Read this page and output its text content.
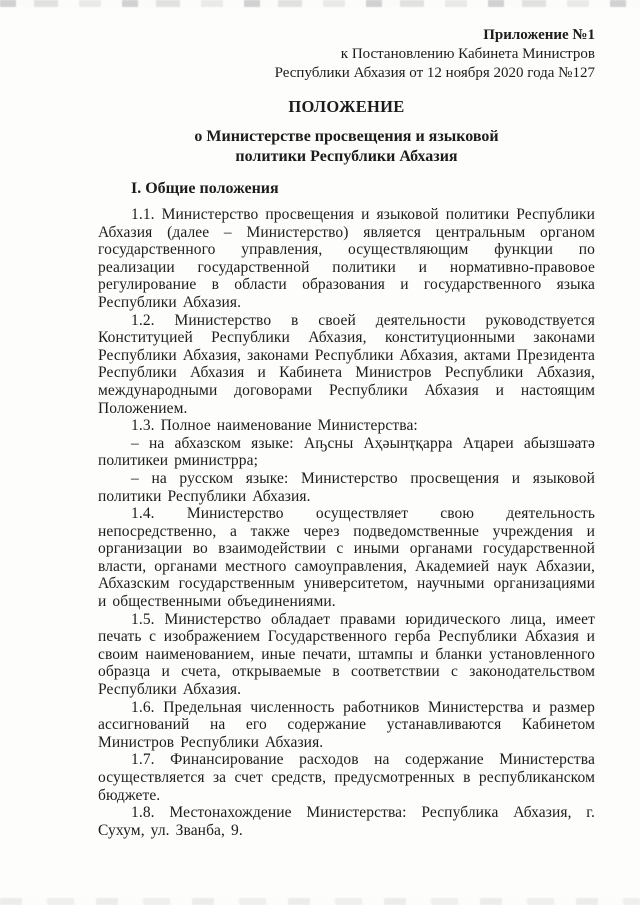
Приложение №1
к Постановлению Кабинета Министров
Республики Абхазия от 12 ноября 2020 года №127
ПОЛОЖЕНИЕ
о Министерстве просвещения и языковой
политики Республики Абхазия
I. Общие положения

1.1. Министерство просвещения и языковой политики Республики Абхазия (далее – Министерство) является центральным органом государственного управления, осуществляющим функции по реализации государственной политики и нормативно-правовое регулирование в области образования и государственного языка Республики Абхазия.

1.2. Министерство в своей деятельности руководствуется Конституцией Республики Абхазия, конституционными законами Республики Абхазия, законами Республики Абхазия, актами Президента Республики Абхазия и Кабинета Министров Республики Абхазия, международными договорами Республики Абхазия и настоящим Положением.

1.3. Полное наименование Министерства:

– на абхазском языке: Аҧсны Аҳәынҭқарра Аҵареи абызшәатә политикеи рминистрра;

– на русском языке: Министерство просвещения и языковой политики Республики Абхазия.

1.4. Министерство осуществляет свою деятельность непосредственно, а также через подведомственные учреждения и организации во взаимодействии с иными органами государственной власти, органами местного самоуправления, Академией наук Абхазии, Абхазским государственным университетом, научными организациями и общественными объединениями.

1.5. Министерство обладает правами юридического лица, имеет печать с изображением Государственного герба Республики Абхазия и своим наименованием, иные печати, штампы и бланки установленного образца и счета, открываемые в соответствии с законодательством Республики Абхазия.

1.6. Предельная численность работников Министерства и размер ассигнований на его содержание устанавливаются Кабинетом Министров Республики Абхазия.

1.7. Финансирование расходов на содержание Министерства осуществляется за счет средств, предусмотренных в республиканском бюджете.

1.8. Местонахождение Министерства: Республика Абхазия, г. Сухум, ул. Званба, 9.
